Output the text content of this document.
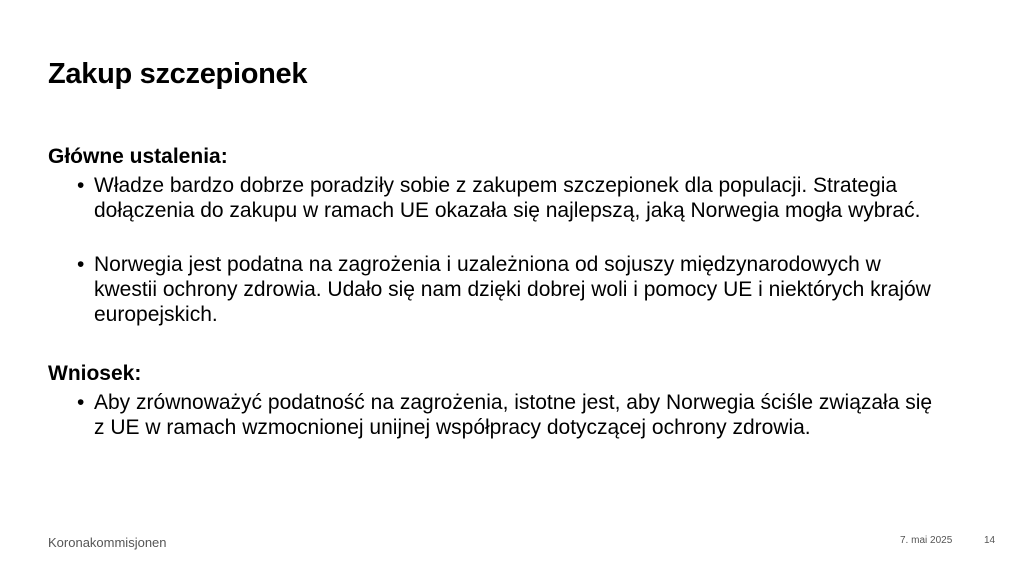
Zakup szczepionek

Główne ustalenia:

• Władze bardzo dobrze poradziły sobie z zakupem szczepionek dla populacji. Strategia dołączenia do zakupu w ramach UE okazała się najlepszą, jaką Norwegia mogła wybrać.
• Norwegia jest podatna na zagrożenia i uzależniona od sojuszy międzynarodowych w kwestii ochrony zdrowia. Udało się nam dzięki dobrej woli i pomocy UE i niektórych krajów europejskich.

Wniosek:

• Aby zrównoważyć podatność na zagrożenia, istotne jest, aby Norwegia ściśle związała się z UE w ramach wzmocnionej unijnej współpracy dotyczącej ochrony zdrowia.
Koronakommisjonen	7. mai 2025	14
